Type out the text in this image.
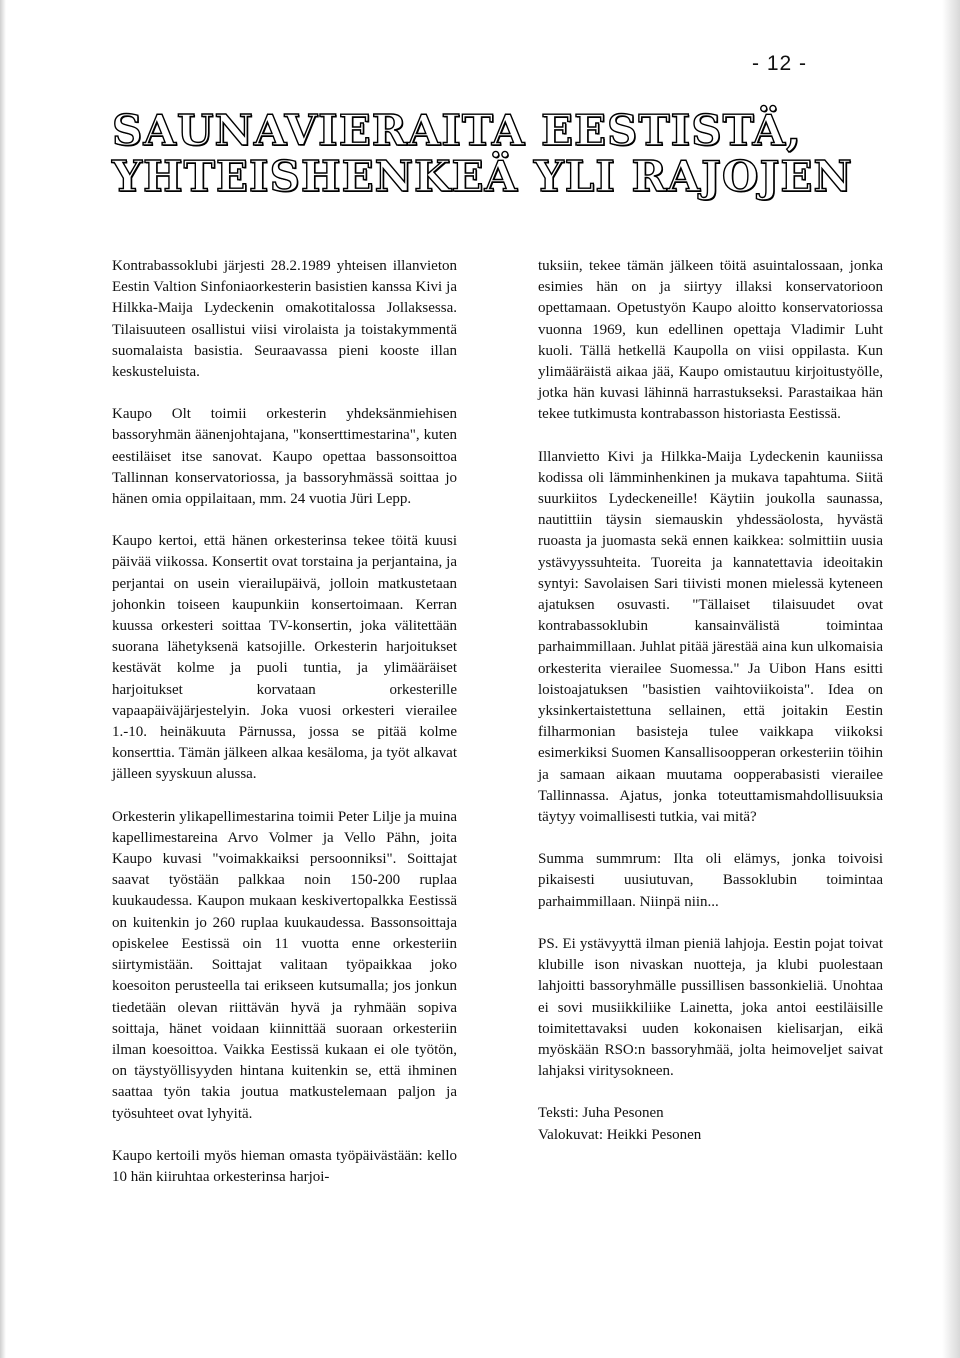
- 12 -
SAUNAVIERAITA EESTISTÄ,
YHTEISHENKEÄ YLI RAJOJEN

Kontrabassoklubi järjesti 28.2.1989 yhteisen illanvieton Eestin Valtion Sinfoniaorkesterin basistien kanssa Kivi ja Hilkka-Maija Lydeckenin omakotitalossa Jollaksessa. Tilaisuuteen osallistui viisi virolaista ja toistakymmentä suomalaista basistia. Seuraavassa pieni kooste illan keskusteluista.

Kaupo Olt toimii orkesterin yhdeksänmiehisen bassoryhmän äänenjohtajana, "konserttimestarina", kuten eestiläiset itse sanovat. Kaupo opettaa bassonsoittoa Tallinnan konservatoriossa, ja bassoryhmässä soittaa jo hänen omia oppilaitaan, mm. 24 vuotia Jüri Lepp.

Kaupo kertoi, että hänen orkesterinsa tekee töitä kuusi päivää viikossa. Konsertit ovat torstaina ja perjantaina, ja perjantai on usein vierailupäivä, jolloin matkustetaan johonkin toiseen kaupunkiin konsertoimaan. Kerran kuussa orkesteri soittaa TV-konsertin, joka välitettään suorana lähetyksenä katsojille. Orkesterin harjoitukset kestävät kolme ja puoli tuntia, ja ylimääräiset harjoitukset korvataan orkesterille vapaapäiväjärjestelyin. Joka vuosi orkesteri vierailee 1.-10. heinäkuuta Pärnussa, jossa se pitää kolme konserttia. Tämän jälkeen alkaa kesäloma, ja työt alkavat jälleen syyskuun alussa.

Orkesterin ylikapellimestarina toimii Peter Lilje ja muina kapellimestareina Arvo Volmer ja Vello Pähn, joita Kaupo kuvasi "voimakkaiksi persoonniksi". Soittajat saavat työstään palkkaa noin 150-200 ruplaa kuukaudessa. Kaupon mukaan keskivertopalkka Eestissä on kuitenkin jo 260 ruplaa kuukaudessa. Bassonsoittaja opiskelee Eestissä oin 11 vuotta enne orkesteriin siirtymistään. Soittajat valitaan työpaikkaa joko koesoiton perusteella tai erikseen kutsumalla; jos jonkun tiedetään olevan riittävän hyvä ja ryhmään sopiva soittaja, hänet voidaan kiinnittää suoraan orkesteriin ilman koesoittoa. Vaikka Eestissä kukaan ei ole työtön, on täystyöllisyyden hintana kuitenkin se, että ihminen saattaa työn takia joutua matkustelemaan paljon ja työsuhteet ovat lyhyitä.

Kaupo kertoili myös hieman omasta työpäivästään: kello 10 hän kiiruhtaa orkesterinsa harjoi-

tuksiin, tekee tämän jälkeen töitä asuintalossaan, jonka esimies hän on ja siirtyy illaksi konservatorioon opettamaan. Opetustyön Kaupo aloitto konservatoriossa vuonna 1969, kun edellinen opettaja Vladimir Luht kuoli. Tällä hetkellä Kaupolla on viisi oppilasta. Kun ylimääräistä aikaa jää, Kaupo omistautuu kirjoitustyölle, jotka hän kuvasi lähinnä harrastukseksi. Parastaikaa hän tekee tutkimusta kontrabasson historiasta Eestissä.

Illanvietto Kivi ja Hilkka-Maija Lydeckenin kauniissa kodissa oli lämminhenkinen ja mukava tapahtuma. Siitä suurkiitos Lydeckeneille! Käytiin joukolla saunassa, nautittiin täysin siemauskin yhdessäolosta, hyvästä ruoasta ja juomasta sekä ennen kaikkea: solmittiin uusia ystävyyssuhteita. Tuoreita ja kannatettavia ideoitakin syntyi: Savolaisen Sari tiivisti monen mielessä kyteneen ajatuksen osuvasti. "Tällaiset tilaisuudet ovat kontrabassoklubin kansainvälistä toimintaa parhaimmillaan. Juhlat pitää järestää aina kun ulkomaisia orkesterita vierailee Suomessa." Ja Uibon Hans esitti loistoajatuksen "basistien vaihtoviikoista". Idea on yksinkertaistettuna sellainen, että joitakin Eestin filharmonian basisteja tulee vaikkapa viikoksi esimerkiksi Suomen Kansallisoopperan orkesteriin töihin ja samaan aikaan muutama oopperabasisti vierailee Tallinnassa. Ajatus, jonka toteuttamismahdollisuuksia täytyy voimallisesti tutkia, vai mitä?

Summa summrum: Ilta oli elämys, jonka toivoisi pikaisesti uusiutuvan, Bassoklubin toimintaa parhaimmillaan. Niinpä niin...

PS. Ei ystävyyttä ilman pieniä lahjoja. Eestin pojat toivat klubille ison nivaskan nuotteja, ja klubi puolestaan lahjoitti bassoryhmälle pussillisen bassonkieliä. Unohtaa ei sovi musiikkiliike Lainetta, joka antoi eestiläisille toimitettavaksi uuden kokonaisen kielisarjan, eikä myöskään RSO:n bassoryhmää, jolta heimoveljet saivat lahjaksi viritysokneen.

Teksti: Juha Pesonen

Valokuvat: Heikki Pesonen
